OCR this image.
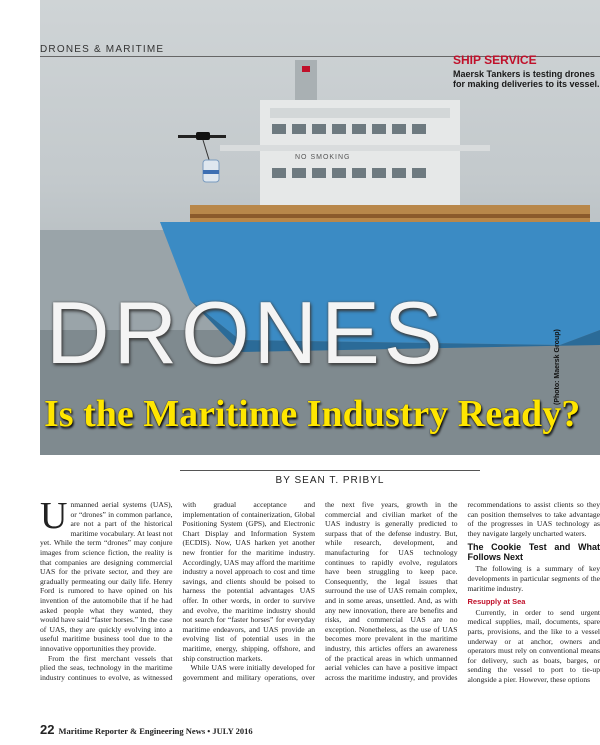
NO SMOKING
DRONES & MARITIME
SHIP SERVICE
Maersk Tankers is testing drones for making deliveries to its vessel.
DRONES
Is the Maritime Industry Ready?
(Photo: Maersk Group)
BY SEAN T. PRIBYL

Unmanned aerial systems (UAS), or “drones” in common parlance, are not a part of the historical maritime vocabulary. At least not yet. While the term “drones” may conjure images from science fiction, the reality is that companies are designing commercial UAS for the private sector, and they are gradually permeating our daily life. Henry Ford is rumored to have opined on his invention of the automobile that if he had asked people what they wanted, they would have said “faster horses.” In the case of UAS, they are quickly evolving into a useful maritime business tool due to the innovative opportunities they provide.

From the first merchant vessels that plied the seas, technology in the maritime industry continues to evolve, as witnessed with gradual acceptance and implementation of containerization, Global Positioning System (GPS), and Electronic Chart Display and Information System (ECDIS). Now, UAS harken yet another new frontier for the maritime industry. Accordingly, UAS may afford the maritime industry a novel approach to cost and time savings, and clients should be poised to harness the potential advantages UAS offer. In other words, in order to survive and evolve, the maritime industry should not search for “faster horses” for everyday maritime endeavors, and UAS provide an evolving list of potential uses in the maritime, energy, shipping, offshore, and ship construction markets.

While UAS were initially developed for government and military operations, over the next five years, growth in the commercial and civilian market of the UAS industry is generally predicted to surpass that of the defense industry. But, while research, development, and manufacturing for UAS technology continues to rapidly evolve, regulators have been struggling to keep pace. Consequently, the legal issues that surround the use of UAS remain complex, and in some areas, unsettled. And, as with any new innovation, there are benefits and risks, and commercial UAS are no exception. Nonetheless, as the use of UAS becomes more prevalent in the maritime industry, this articles offers an awareness of the practical areas in which unmanned aerial vehicles can have a positive impact across the maritime industry, and provides recommendations to assist clients so they can position themselves to take advantage of the progresses in UAS technology as they navigate largely uncharted waters.

The Cookie Test and What Follows Next

The following is a summary of key developments in particular segments of the maritime industry.

Resupply at Sea

Currently, in order to send urgent medical supplies, mail, documents, spare parts, provisions, and the like to a vessel underway or at anchor, owners and operators must rely on conventional means for delivery, such as boats, barges, or sending the vessel to port to tie-up alongside a pier. However, these options

22 Maritime Reporter & Engineering News • JULY 2016
